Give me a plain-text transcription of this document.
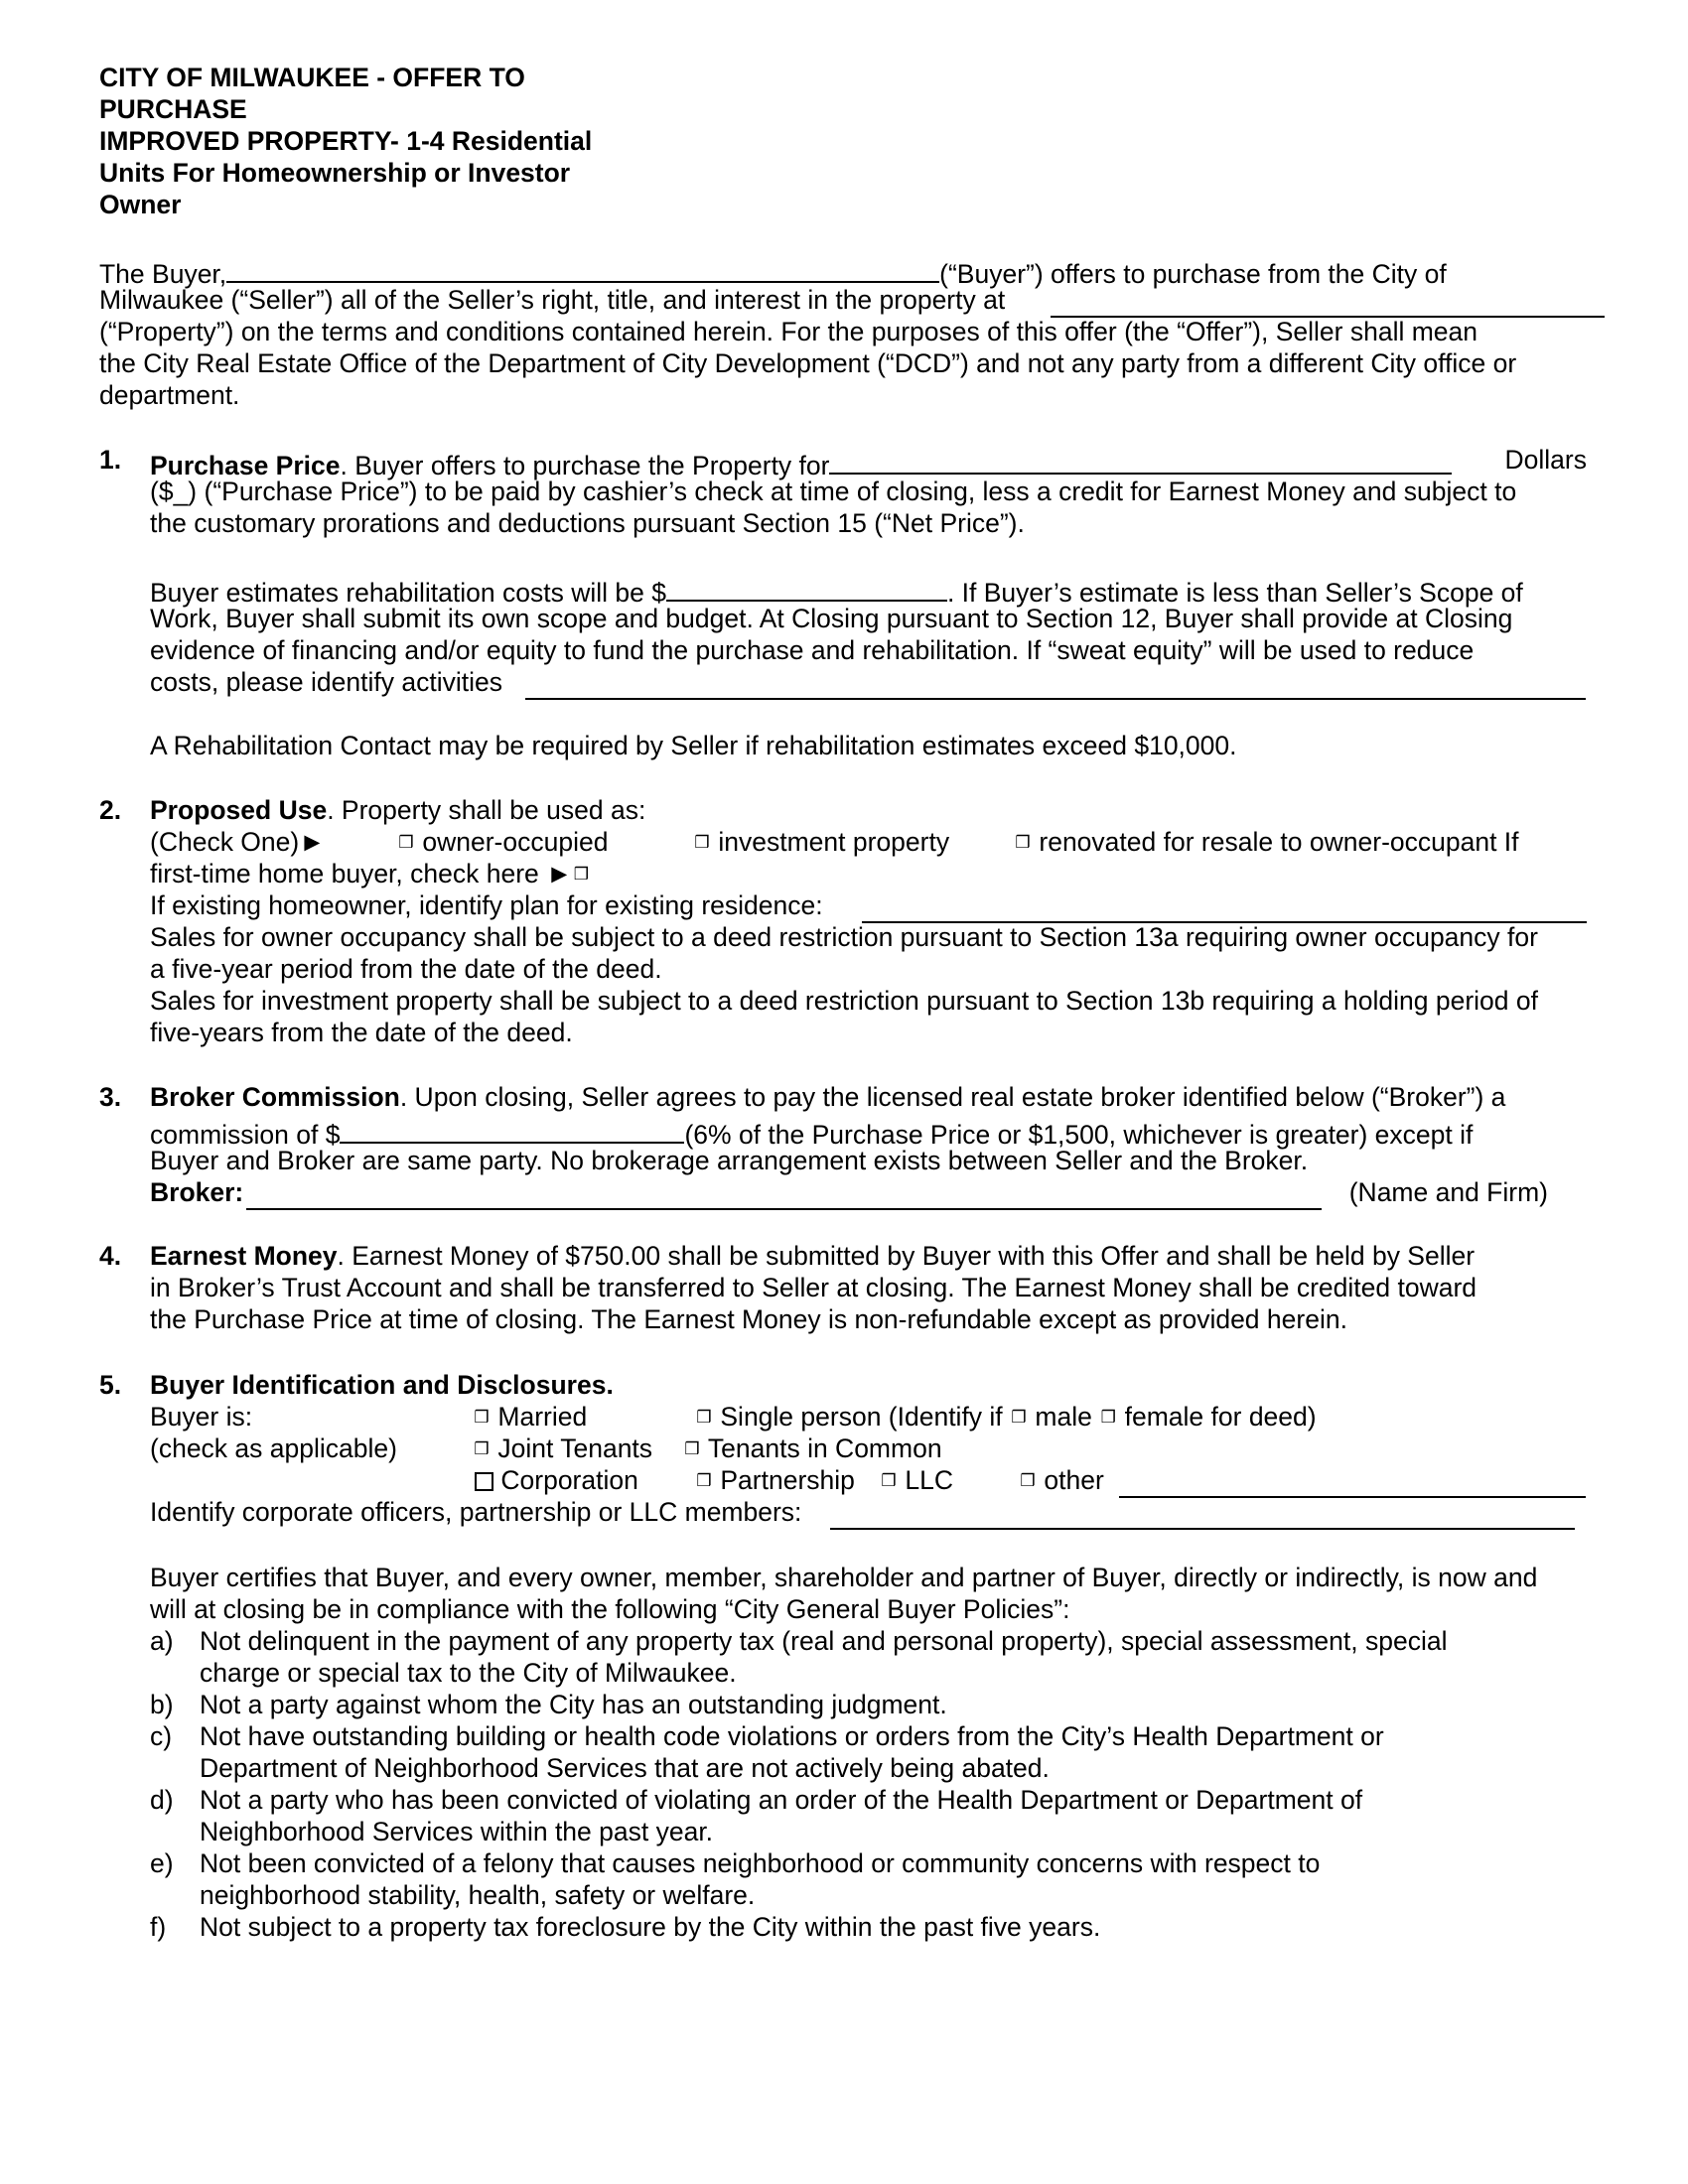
CITY OF MILWAUKEE - OFFER TO
PURCHASE
IMPROVED PROPERTY- 1-4 Residential
Units For Homeownership or Investor
Owner
The Buyer,	(“Buyer”) offers to purchase from the City of
Milwaukee (“Seller”) all of the Seller’s right, title, and interest in the property at
(“Property”) on the terms and conditions contained herein. For the purposes of this offer (the “Offer”), Seller shall mean
the City Real Estate Office of the Department of City Development (“DCD”) and not any party from a different City office or
department.
1. Purchase Price. Buyer offers to purchase the Property for	Dollars
($_) (“Purchase Price”) to be paid by cashier’s check at time of closing, less a credit for Earnest Money and subject to
the customary prorations and deductions pursuant Section 15 (“Net Price”).
Buyer estimates rehabilitation costs will be $	. If Buyer’s estimate is less than Seller’s Scope of
Work, Buyer shall submit its own scope and budget. At Closing pursuant to Section 12, Buyer shall provide at Closing
evidence of financing and/or equity to fund the purchase and rehabilitation. If “sweat equity” will be used to reduce
costs, please identify activities
A Rehabilitation Contact may be required by Seller if rehabilitation estimates exceed $10,000.
2. Proposed Use. Property shall be used as:
(Check One)►	❒ owner-occupied	❒ investment property	❒ renovated for resale to owner-occupant If
first-time home buyer, check here ►❒
If existing homeowner, identify plan for existing residence:
Sales for owner occupancy shall be subject to a deed restriction pursuant to Section 13a requiring owner occupancy for
a five-year period from the date of the deed.
Sales for investment property shall be subject to a deed restriction pursuant to Section 13b requiring a holding period of
five-years from the date of the deed.
3. Broker Commission. Upon closing, Seller agrees to pay the licensed real estate broker identified below (“Broker”) a
commission of $	(6% of the Purchase Price or $1,500, whichever is greater) except if
Buyer and Broker are same party. No brokerage arrangement exists between Seller and the Broker.
Broker:	(Name and Firm)
4. Earnest Money. Earnest Money of $750.00 shall be submitted by Buyer with this Offer and shall be held by Seller
in Broker’s Trust Account and shall be transferred to Seller at closing. The Earnest Money shall be credited toward
the Purchase Price at time of closing. The Earnest Money is non-refundable except as provided herein.
5. Buyer Identification and Disclosures.
Buyer is:	❒ Married	❒ Single person (Identify if ❒ male ❒ female for deed)
(check as applicable)	❒ Joint Tenants ❒ Tenants in Common
Corporation	❒ Partnership ❒ LLC	❒ other
Identify corporate officers, partnership or LLC members:
Buyer certifies that Buyer, and every owner, member, shareholder and partner of Buyer, directly or indirectly, is now and
will at closing be in compliance with the following “City General Buyer Policies”:
a) Not delinquent in the payment of any property tax (real and personal property), special assessment, special
charge or special tax to the City of Milwaukee.
b) Not a party against whom the City has an outstanding judgment.
c) Not have outstanding building or health code violations or orders from the City’s Health Department or
Department of Neighborhood Services that are not actively being abated.
d) Not a party who has been convicted of violating an order of the Health Department or Department of
Neighborhood Services within the past year.
e) Not been convicted of a felony that causes neighborhood or community concerns with respect to
neighborhood stability, health, safety or welfare.
f) Not subject to a property tax foreclosure by the City within the past five years.
